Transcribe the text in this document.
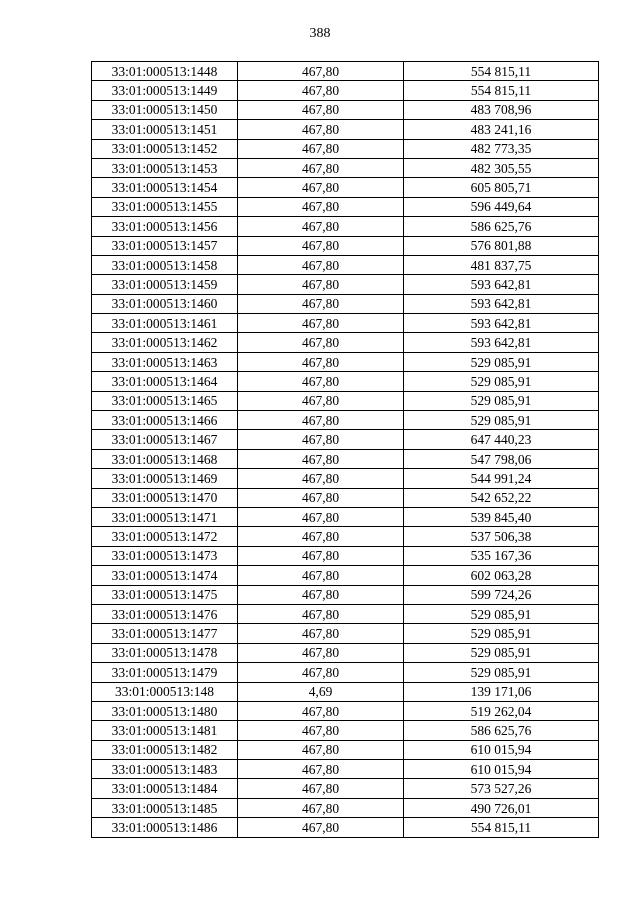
388
33:01:000513:1448	467,80	554 815,11
33:01:000513:1449	467,80	554 815,11
33:01:000513:1450	467,80	483 708,96
33:01:000513:1451	467,80	483 241,16
33:01:000513:1452	467,80	482 773,35
33:01:000513:1453	467,80	482 305,55
33:01:000513:1454	467,80	605 805,71
33:01:000513:1455	467,80	596 449,64
33:01:000513:1456	467,80	586 625,76
33:01:000513:1457	467,80	576 801,88
33:01:000513:1458	467,80	481 837,75
33:01:000513:1459	467,80	593 642,81
33:01:000513:1460	467,80	593 642,81
33:01:000513:1461	467,80	593 642,81
33:01:000513:1462	467,80	593 642,81
33:01:000513:1463	467,80	529 085,91
33:01:000513:1464	467,80	529 085,91
33:01:000513:1465	467,80	529 085,91
33:01:000513:1466	467,80	529 085,91
33:01:000513:1467	467,80	647 440,23
33:01:000513:1468	467,80	547 798,06
33:01:000513:1469	467,80	544 991,24
33:01:000513:1470	467,80	542 652,22
33:01:000513:1471	467,80	539 845,40
33:01:000513:1472	467,80	537 506,38
33:01:000513:1473	467,80	535 167,36
33:01:000513:1474	467,80	602 063,28
33:01:000513:1475	467,80	599 724,26
33:01:000513:1476	467,80	529 085,91
33:01:000513:1477	467,80	529 085,91
33:01:000513:1478	467,80	529 085,91
33:01:000513:1479	467,80	529 085,91
33:01:000513:148	4,69	139 171,06
33:01:000513:1480	467,80	519 262,04
33:01:000513:1481	467,80	586 625,76
33:01:000513:1482	467,80	610 015,94
33:01:000513:1483	467,80	610 015,94
33:01:000513:1484	467,80	573 527,26
33:01:000513:1485	467,80	490 726,01
33:01:000513:1486	467,80	554 815,11
